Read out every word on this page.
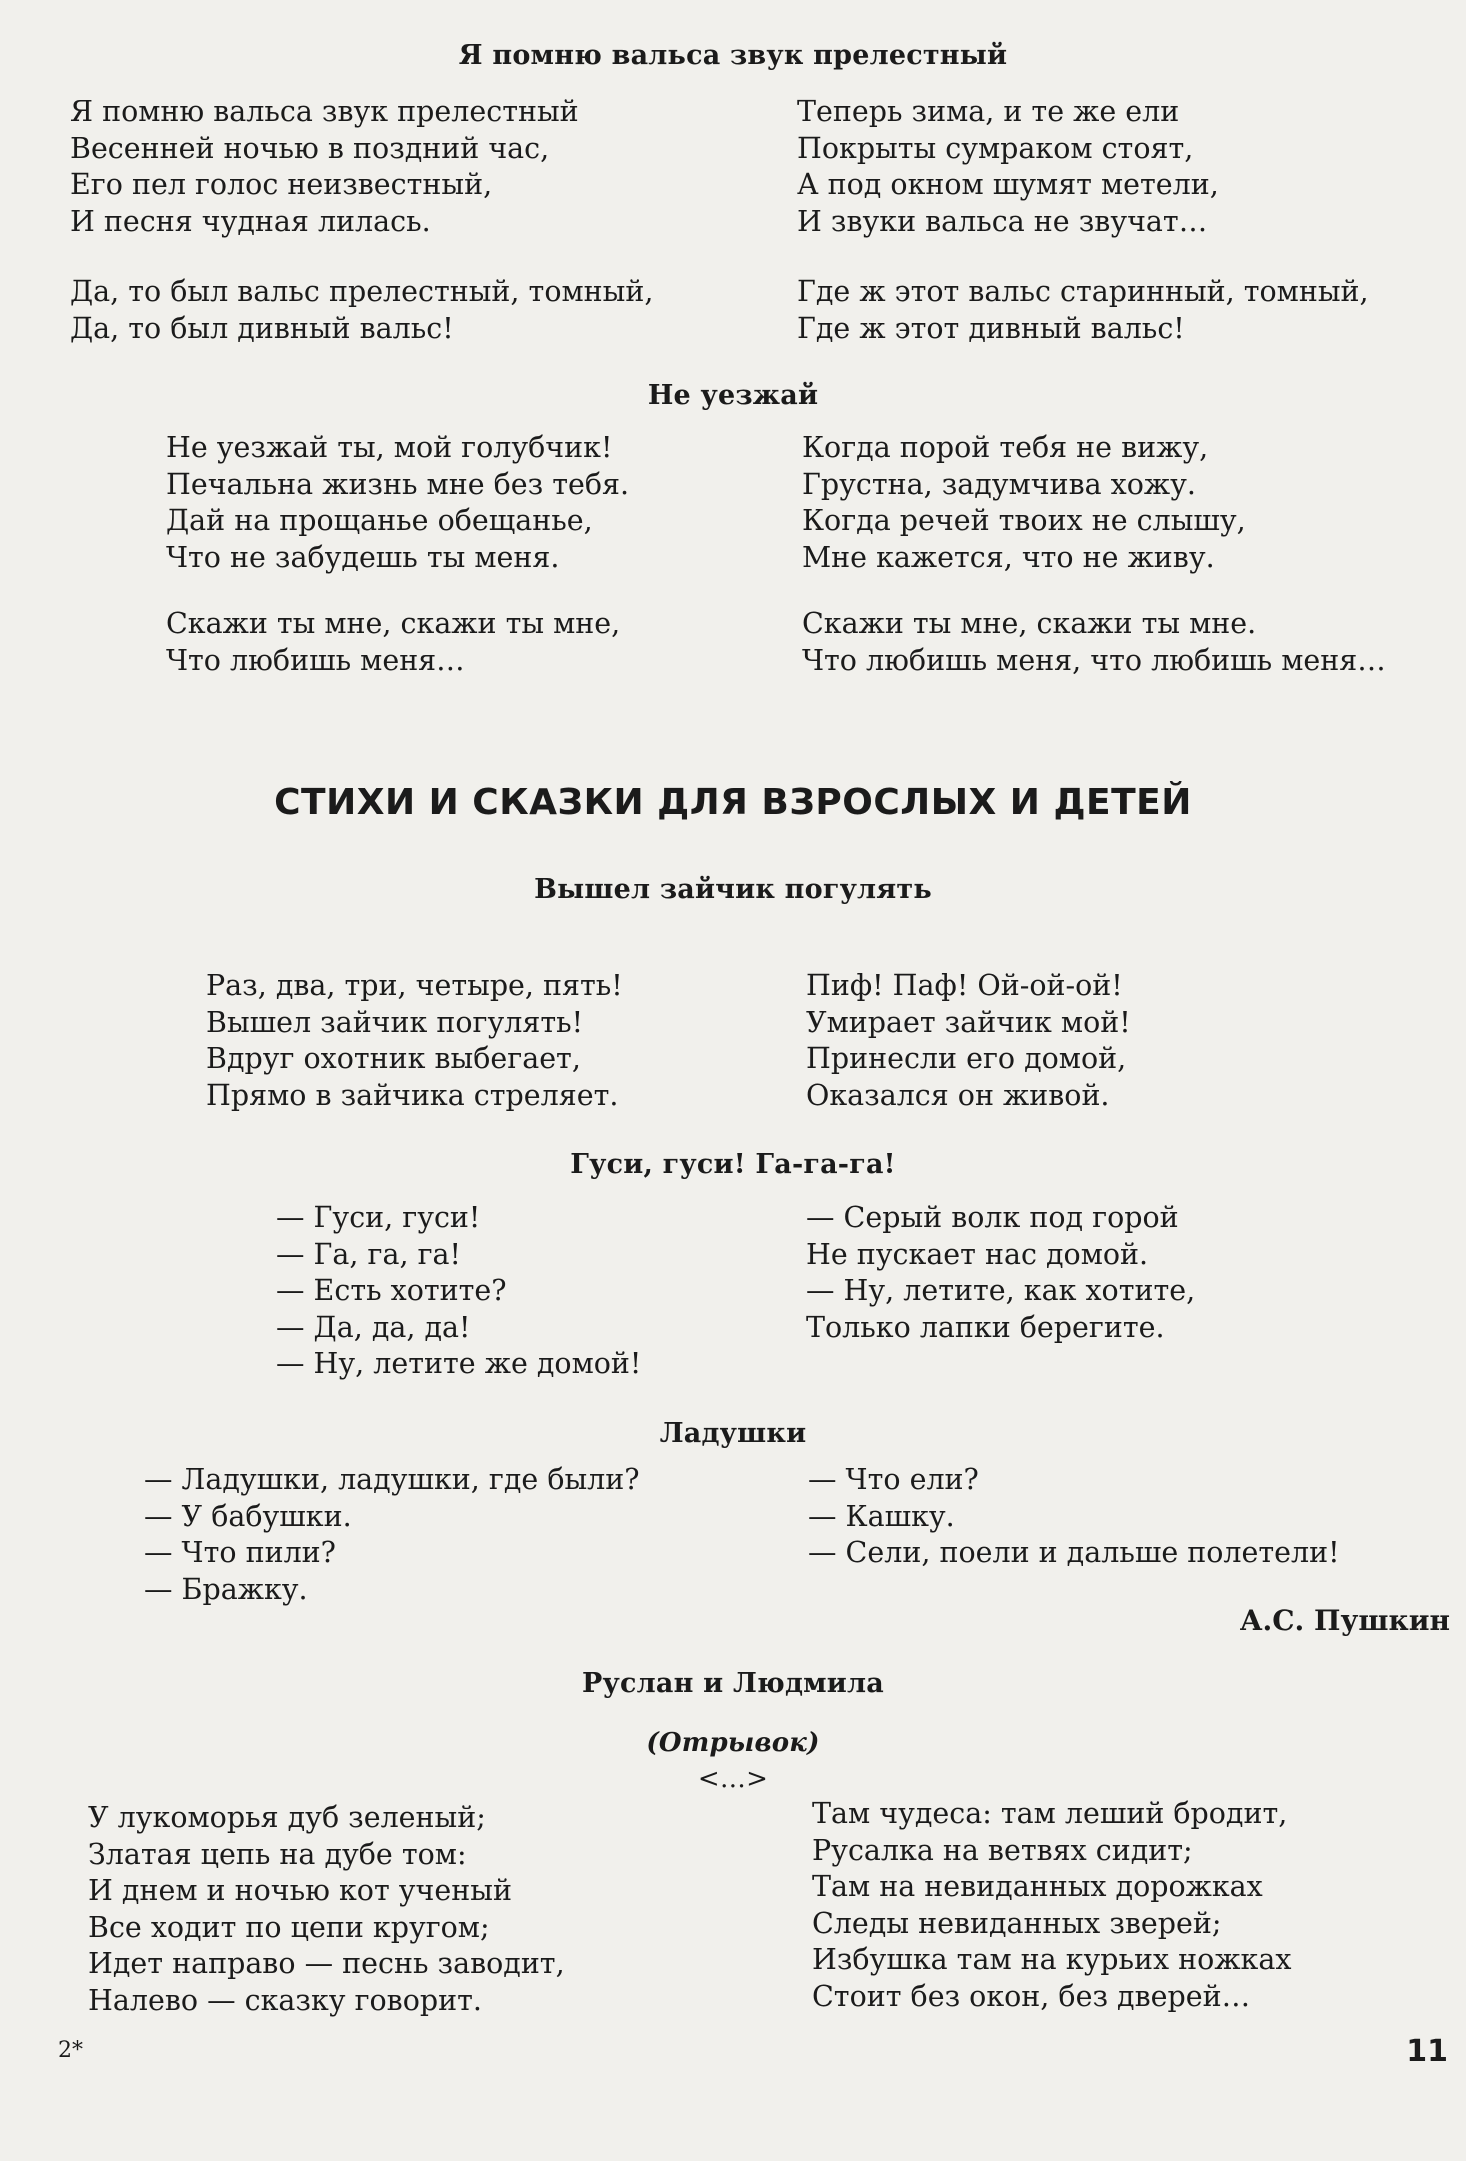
Я помню вальса звук прелестный
Я помню вальса звук прелестный
Весенней ночью в поздний час,
Его пел голос неизвестный,
И песня чудная лилась.
Да, то был вальс прелестный, томный,
Да, то был дивный вальс!
Теперь зима, и те же ели
Покрыты сумраком стоят,
А под окном шумят метели,
И звуки вальса не звучат…
Где ж этот вальс старинный, томный,
Где ж этот дивный вальс!
Не уезжай
Не уезжай ты, мой голубчик!
Печальна жизнь мне без тебя.
Дай на прощанье обещанье,
Что не забудешь ты меня.
Скажи ты мне, скажи ты мне,
Что любишь меня…
Когда порой тебя не вижу,
Грустна, задумчива хожу.
Когда речей твоих не слышу,
Мне кажется, что не живу.
Скажи ты мне, скажи ты мне.
Что любишь меня, что любишь меня…
СТИХИ И СКАЗКИ ДЛЯ ВЗРОСЛЫХ И ДЕТЕЙ
Вышел зайчик погулять
Раз, два, три, четыре, пять!
Вышел зайчик погулять!
Вдруг охотник выбегает,
Прямо в зайчика стреляет.
Пиф! Паф! Ой-ой-ой!
Умирает зайчик мой!
Принесли его домой,
Оказался он живой.
Гуси, гуси! Га-га-га!
— Гуси, гуси!
— Га, га, га!
— Есть хотите?
— Да, да, да!
— Ну, летите же домой!
— Серый волк под горой
Не пускает нас домой.
— Ну, летите, как хотите,
Только лапки берегите.
Ладушки
— Ладушки, ладушки, где были?
— У бабушки.
— Что пили?
— Бражку.
— Что ели?
— Кашку.
— Сели, поели и дальше полетели!
А.С. Пушкин
Руслан и Людмила
(Отрывок)
<…>
У лукоморья дуб зеленый;
Златая цепь на дубе том:
И днем и ночью кот ученый
Все ходит по цепи кругом;
Идет направо — песнь заводит,
Налево — сказку говорит.
Там чудеса: там леший бродит,
Русалка на ветвях сидит;
Там на невиданных дорожках
Следы невиданных зверей;
Избушка там на курьих ножках
Стоит без окон, без дверей…
2*	11
